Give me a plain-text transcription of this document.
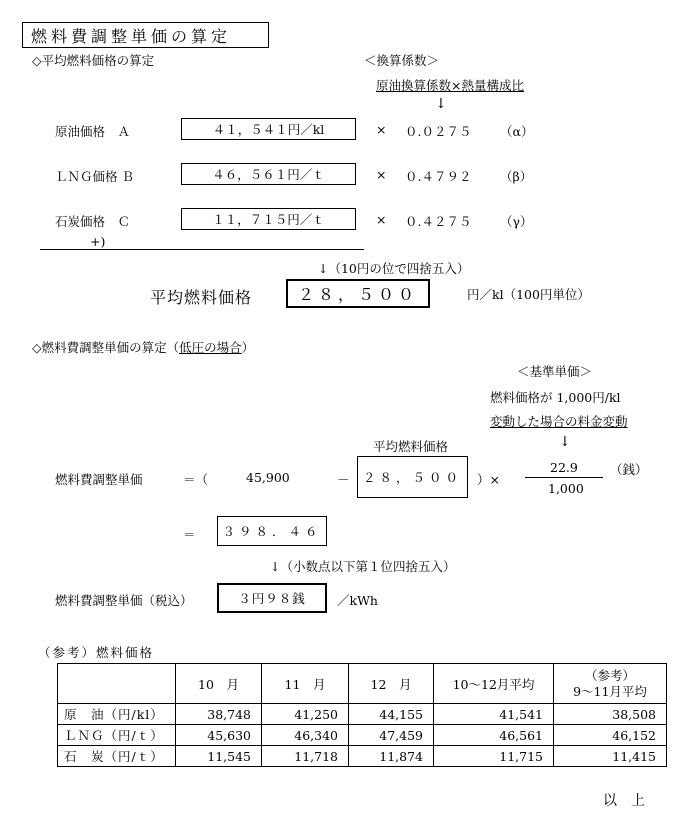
燃料費調整単価の算定
◇平均燃料価格の算定	＜換算係数＞
原油換算係数×熱量構成比
↓
原油価格　Ａ	４１，５４１円／kl	× ０.０２７５ （α）
ＬＮＧ価格 Ｂ	４６，５６１円／ｔ	× ０.４７９２ （β）
石炭価格　Ｃ	１１，７１５円／ｔ	× ０.４２７５ （γ）
+)
↓（10円の位で四捨五入）
平均燃料価格	２８，５００	円／kl（100円単位）
◇燃料費調整単価の算定（低圧の場合）
＜基準単価＞
燃料価格が 1,000円/kl
変動した場合の料金変動
↓
平均燃料価格
燃料費調整単価	＝（	45,900	－ ２８，５００ ）×
22.9
1,000
（銭）
＝ ３９８．４６
↓（小数点以下第１位四捨五入）
燃料費調整単価（税込）	３円９８銭	／kWh
（参考）燃料価格
	10　月	11　月	12　月	10～12月平均	（参考）
9～11月平均

原　油（円/kl）	38,748	41,250	44,155	41,541	38,508
ＬＮＧ（円/ｔ）	45,630	46,340	47,459	46,561	46,152
石　炭（円/ｔ）	11,545	11,718	11,874	11,715	11,415
以　上
